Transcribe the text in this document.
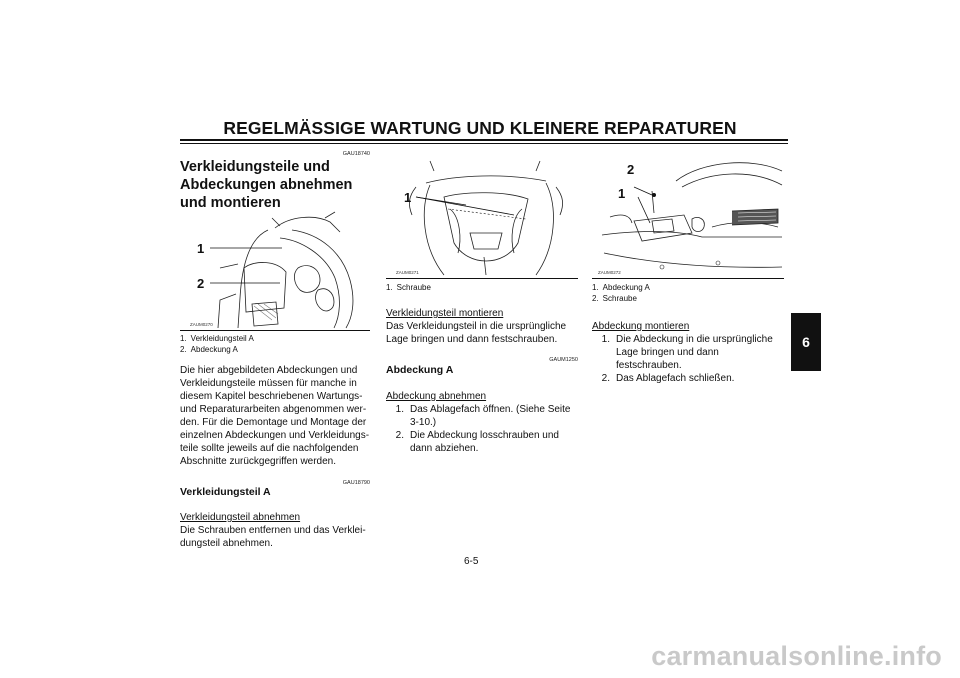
REGELMÄSSIGE WARTUNG UND KLEINERE REPARATUREN
6
GAU18740
Verkleidungsteile und Abdeckungen abnehmen und montieren
ZAUM0270
1
2
1. Verkleidungsteil A
2. Abdeckung A

Die hier abgebildeten Abdeckungen und Verkleidungsteile müssen für manche in diesem Kapitel beschriebenen Wartungs- und Reparaturarbeiten abgenommen wer- den. Für die Demontage und Montage der einzelnen Abdeckungen und Verkleidungs- teile sollte jeweils auf die nachfolgenden Abschnitte zurückgegriffen werden.

GAU18790
Verkleidungsteil A
Verkleidungsteil abnehmen

Die Schrauben entfernen und das Verklei- dungsteil abnehmen.

ZAUM0271
1
1. Schraube
Verkleidungsteil montieren

Das Verkleidungsteil in die ursprüngliche Lage bringen und dann festschrauben.

GAUM1250
Abdeckung A
Abdeckung abnehmen
1. Das Ablagefach öffnen. (Siehe Seite 3-10.)
2. Die Abdeckung losschrauben und dann abziehen.
ZAUM0272
1
2
1. Abdeckung A
2. Schraube
Abdeckung montieren
1. Die Abdeckung in die ursprüngliche Lage bringen und dann festschrauben.
2. Das Ablagefach schließen.
6-5
carmanualsonline.info
